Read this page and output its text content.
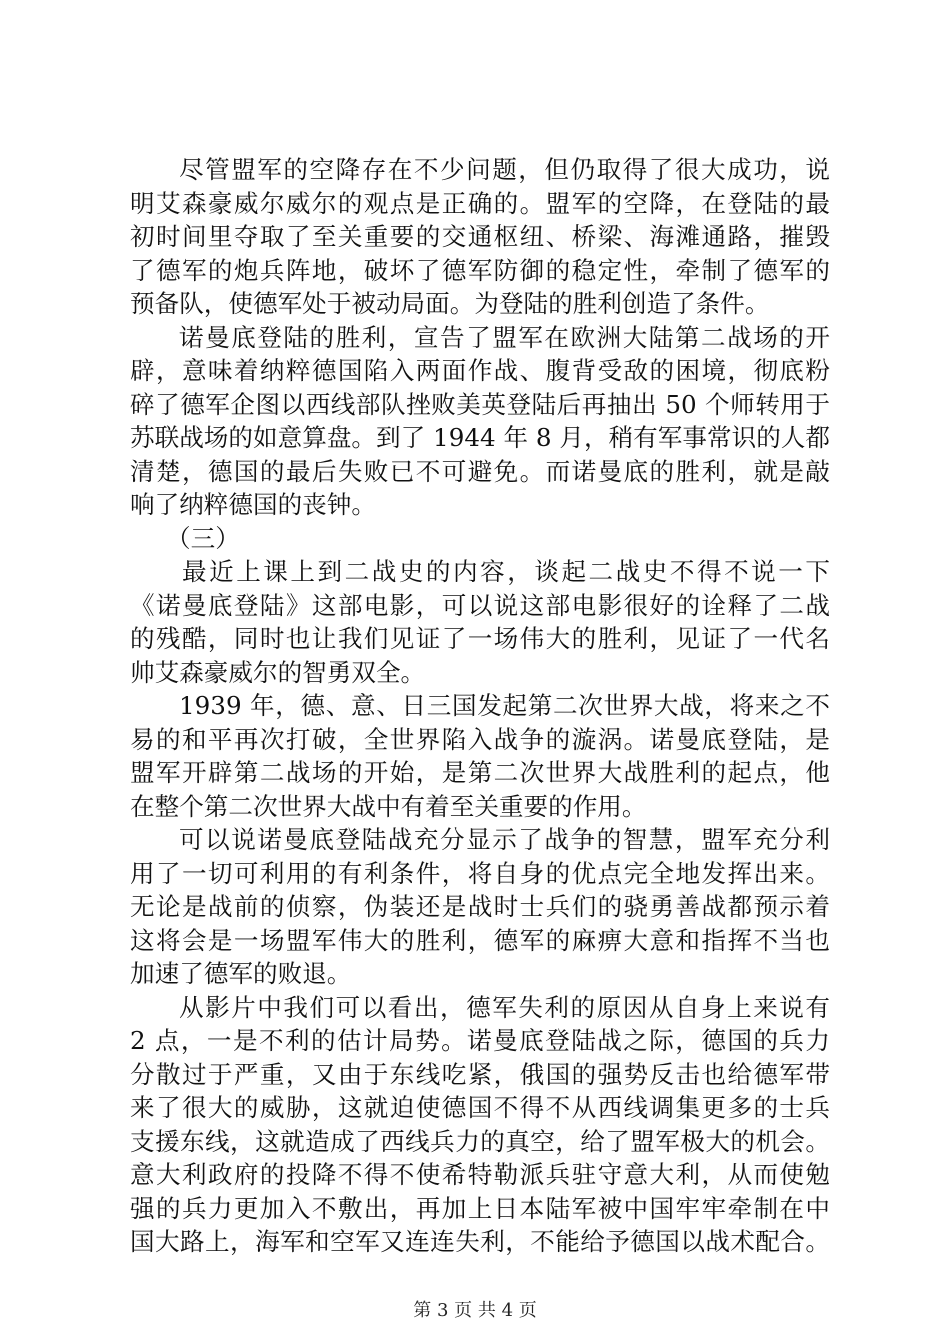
尽管盟军的空降存在不少问题，但仍取得了很大成功，说
明艾森豪威尔威尔的观点是正确的。盟军的空降，在登陆的最
初时间里夺取了至关重要的交通枢纽、桥梁、海滩通路，摧毁
了德军的炮兵阵地，破坏了德军防御的稳定性，牵制了德军的
预备队，使德军处于被动局面。为登陆的胜利创造了条件。
诺曼底登陆的胜利，宣告了盟军在欧洲大陆第二战场的开
辟，意味着纳粹德国陷入两面作战、腹背受敌的困境，彻底粉
碎了德军企图以西线部队挫败美英登陆后再抽出 50 个师转用于
苏联战场的如意算盘。到了 1944 年 8 月，稍有军事常识的人都
清楚，德国的最后失败已不可避免。而诺曼底的胜利，就是敲
响了纳粹德国的丧钟。
（三）
最近上课上到二战史的内容，谈起二战史不得不说一下
《诺曼底登陆》这部电影，可以说这部电影很好的诠释了二战
的残酷，同时也让我们见证了一场伟大的胜利，见证了一代名
帅艾森豪威尔的智勇双全。
1939 年，德、意、日三国发起第二次世界大战，将来之不
易的和平再次打破，全世界陷入战争的漩涡。诺曼底登陆，是
盟军开辟第二战场的开始，是第二次世界大战胜利的起点，他
在整个第二次世界大战中有着至关重要的作用。
可以说诺曼底登陆战充分显示了战争的智慧，盟军充分利
用了一切可利用的有利条件，将自身的优点完全地发挥出来。
无论是战前的侦察，伪装还是战时士兵们的骁勇善战都预示着
这将会是一场盟军伟大的胜利，德军的麻痹大意和指挥不当也
加速了德军的败退。
从影片中我们可以看出，德军失利的原因从自身上来说有
2 点，一是不利的估计局势。诺曼底登陆战之际，德国的兵力
分散过于严重，又由于东线吃紧，俄国的强势反击也给德军带
来了很大的威胁，这就迫使德国不得不从西线调集更多的士兵
支援东线，这就造成了西线兵力的真空，给了盟军极大的机会。
意大利政府的投降不得不使希特勒派兵驻守意大利，从而使勉
强的兵力更加入不敷出，再加上日本陆军被中国牢牢牵制在中
国大路上，海军和空军又连连失利，不能给予德国以战术配合。
第 3 页 共 4 页
